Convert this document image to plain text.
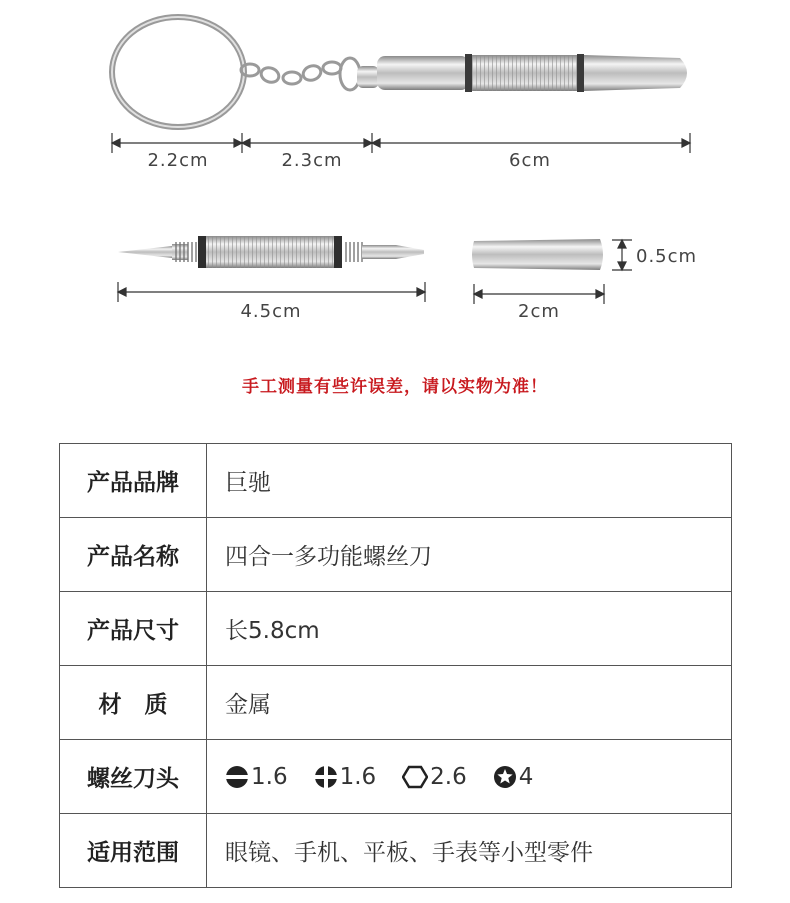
2.2cm	2.3cm	6cm
4.5cm	2cm
0.5cm
手工测量有些许误差，请以实物为准！
产品品牌	巨驰
产品名称	四合一多功能螺丝刀
产品尺寸	长5.8cm
材　质	金属
螺丝刀头	1.6 1.6 2.6 4

适用范围	眼镜、手机、平板、手表等小型零件
